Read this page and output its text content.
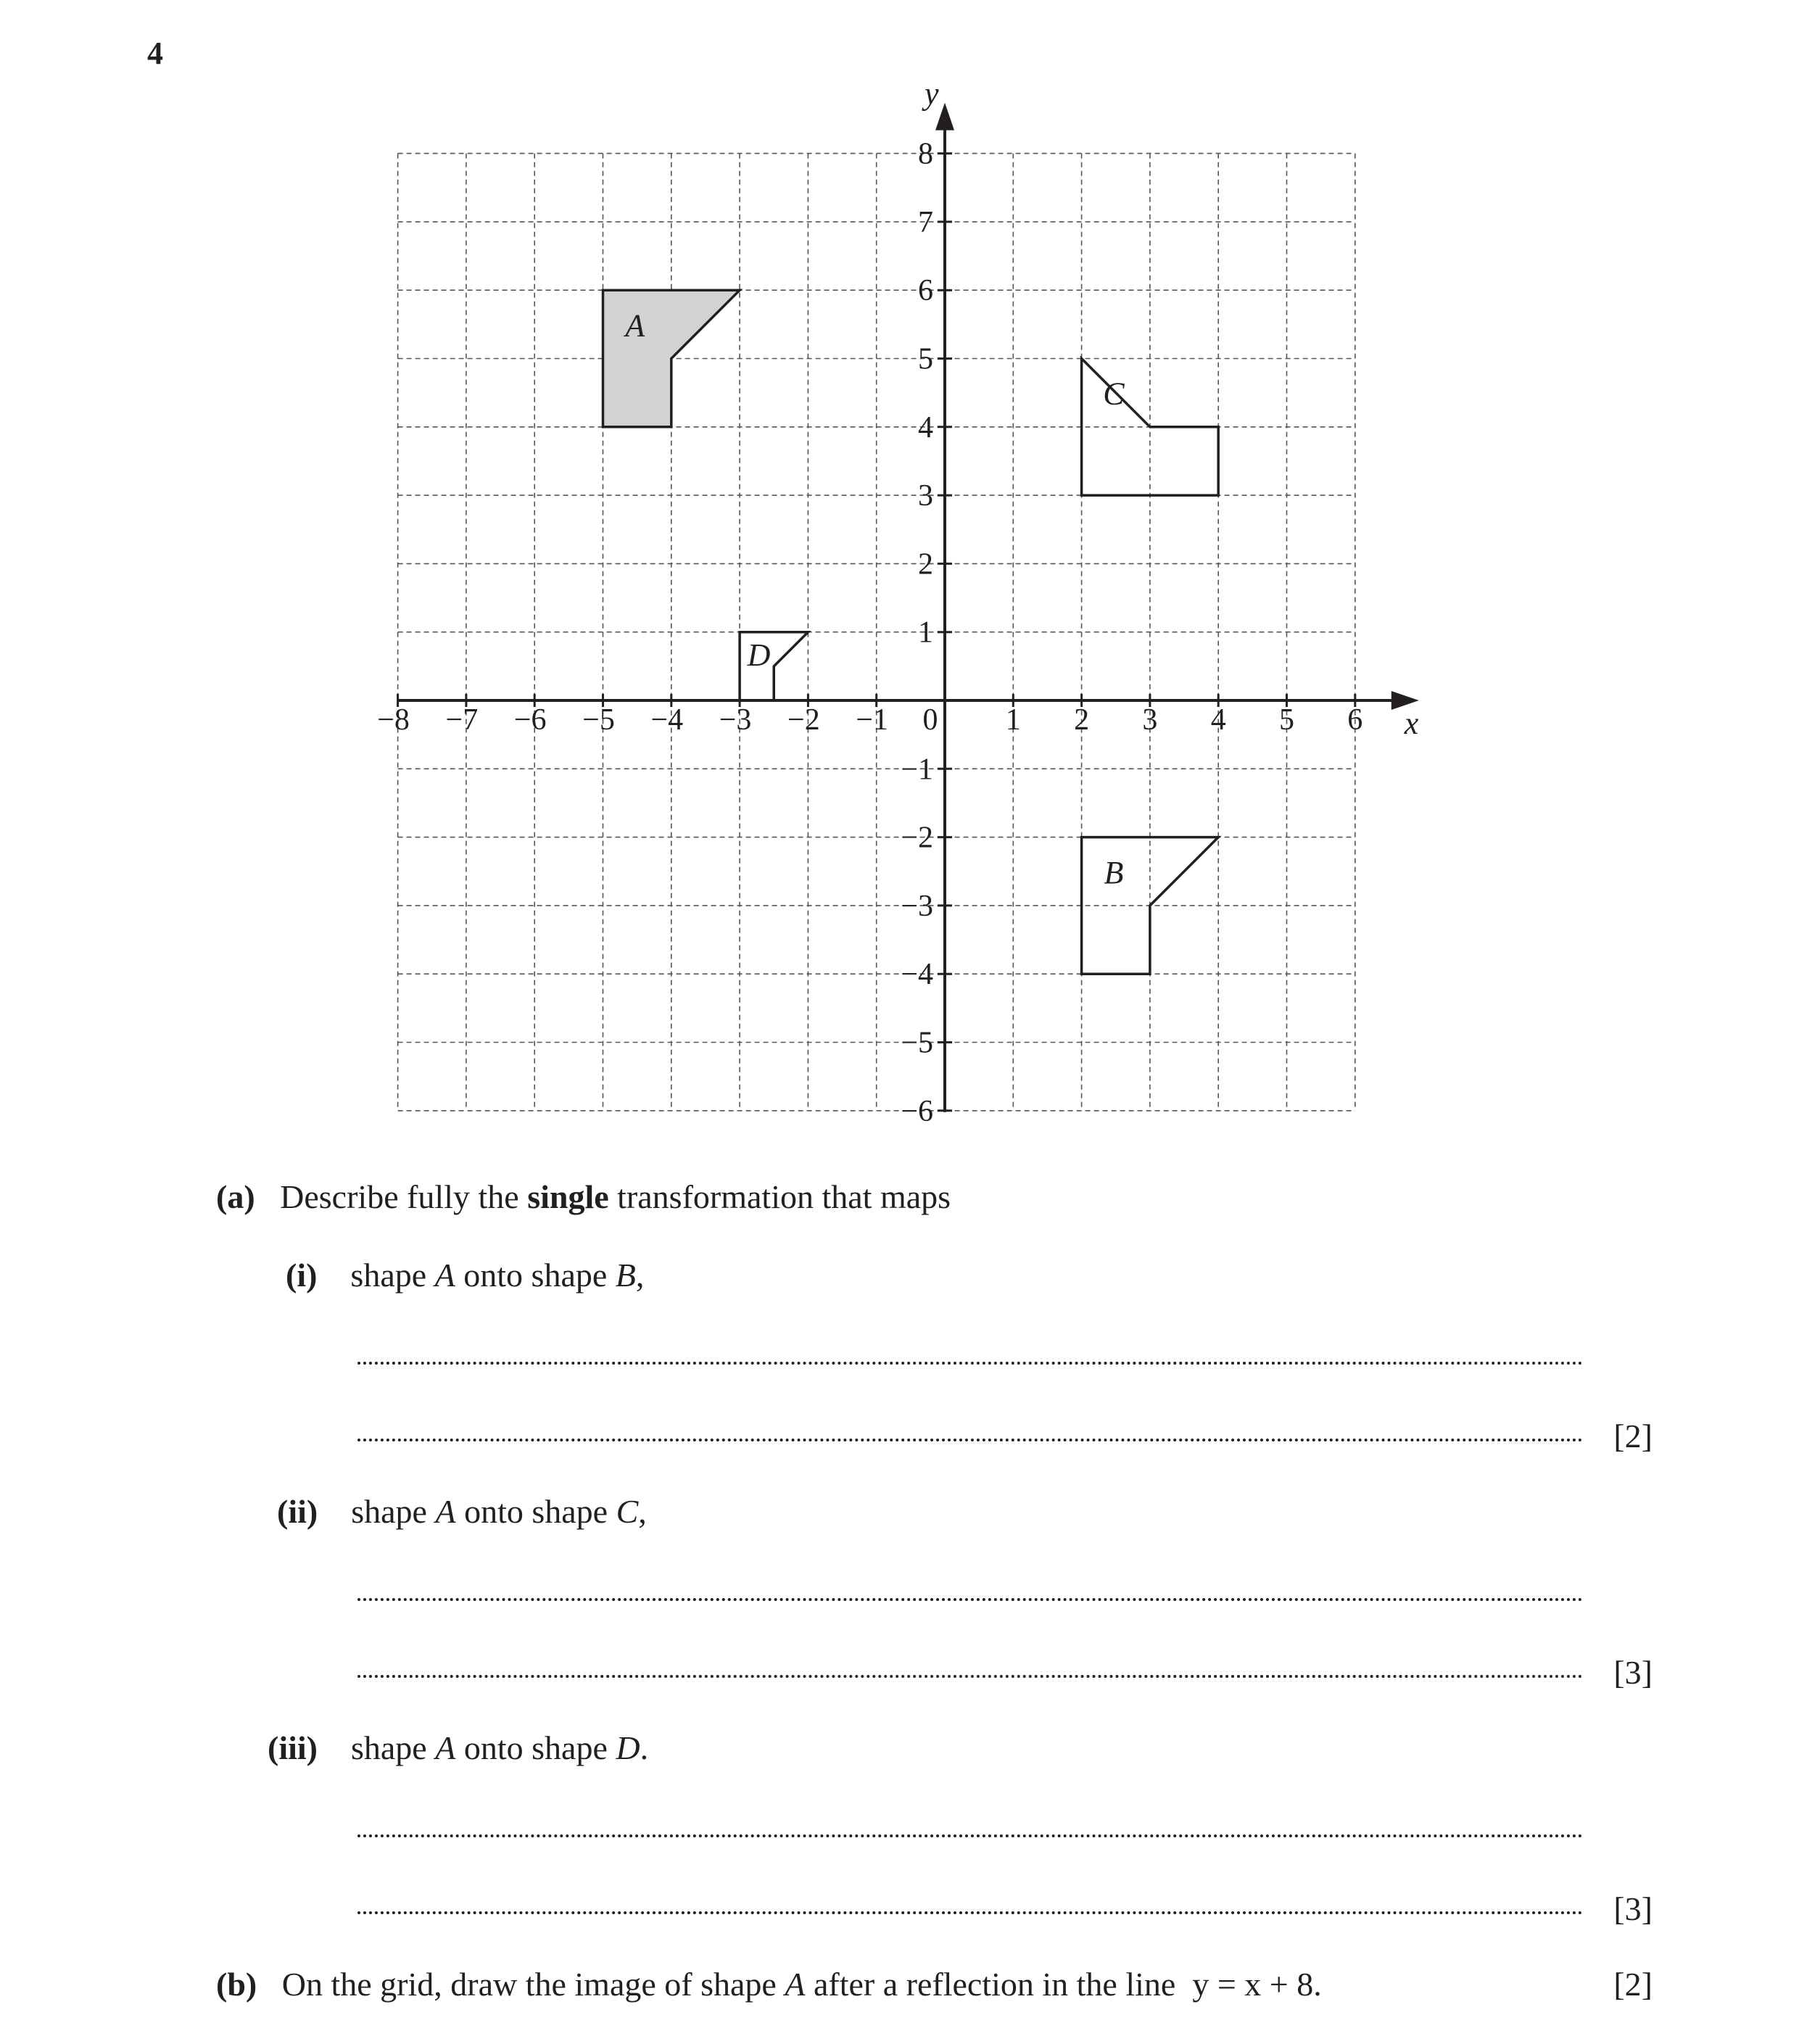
4
A
B
C
D
x
y
−8 −7 −6 −5 −4 −3 −2 −1 0 1 2 3 4 5 6
−6
−5
−4
−3
−2
−1
1
2
3
4
5
6
7
8
(a) Describe fully the single transformation that maps
(i) shape A onto shape B,
[2]
(ii) shape A onto shape C,
[3]
(iii) shape A onto shape D.
[3]
(b) On the grid, draw the image of shape A after a reflection in the line  y = x + 8.	[2]
